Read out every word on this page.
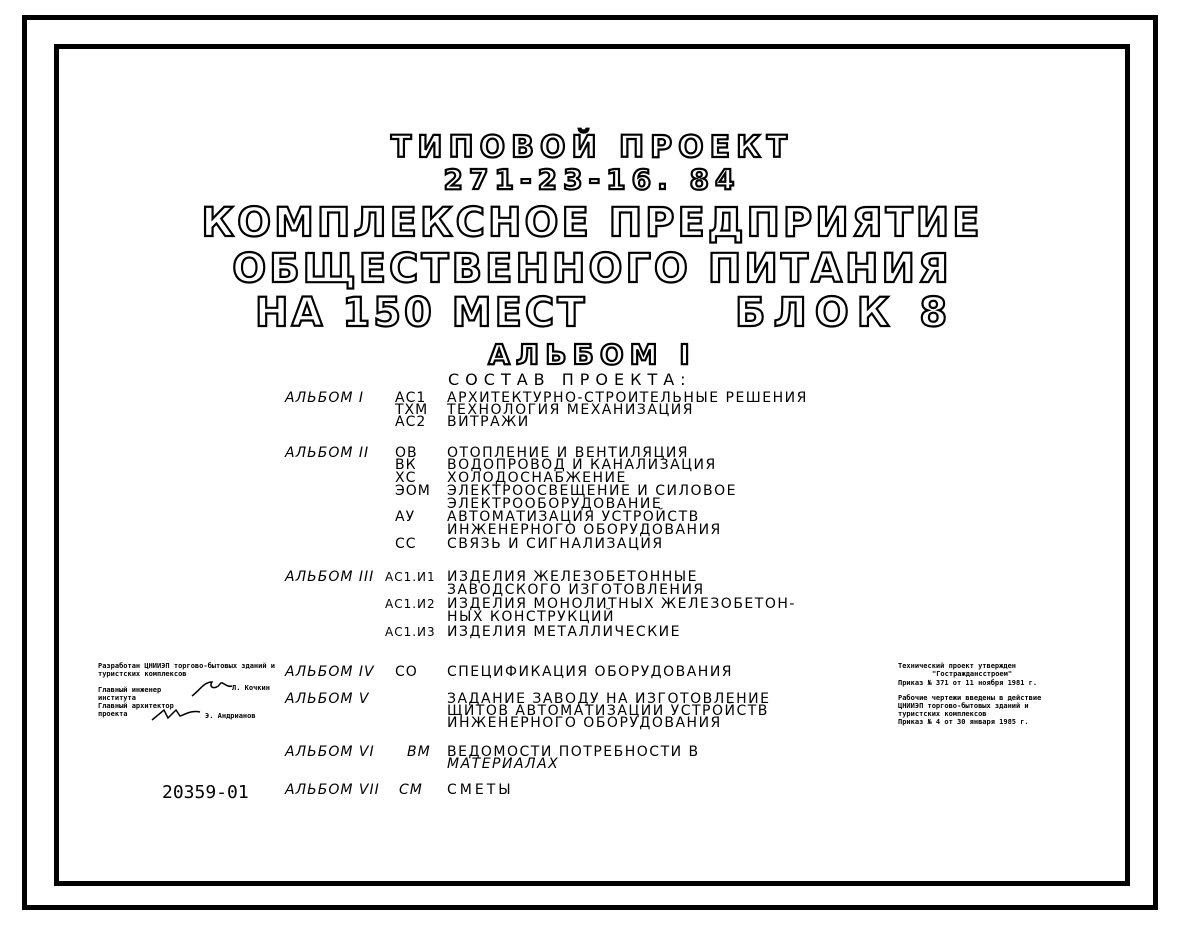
ТИПОВОЙ ПРОЕКТ
271-23-16. 84
КОМПЛЕКСНОЕ ПРЕДПРИЯТИЕ
ОБЩЕСТВЕННОГО ПИТАНИЯ
НА 150 МЕСТ	БЛОК 8
АЛЬБОМ I
СОСТАВ ПРОЕКТА:
АЛЬБОМ I АС1 АРХИТЕКТУРНО-СТРОИТЕЛЬНЫЕ РЕШЕНИЯ
ТХМ ТЕХНОЛОГИЯ МЕХАНИЗАЦИЯ
АС2 ВИТРАЖИ
АЛЬБОМ II ОВ ОТОПЛЕНИЕ И ВЕНТИЛЯЦИЯ
ВК ВОДОПРОВОД И КАНАЛИЗАЦИЯ
ХС ХОЛОДОСНАБЖЕНИЕ
ЭОМ ЭЛЕКТРООСВЕЩЕНИЕ И СИЛОВОЕ
ЭЛЕКТРООБОРУДОВАНИЕ
АУ АВТОМАТИЗАЦИЯ УСТРОЙСТВ
ИНЖЕНЕРНОГО ОБОРУДОВАНИЯ
СС СВЯЗЬ И СИГНАЛИЗАЦИЯ
АЛЬБОМ III АС1.И1 ИЗДЕЛИЯ ЖЕЛЕЗОБЕТОННЫЕ
ЗАВОДСКОГО ИЗГОТОВЛЕНИЯ
АС1.И2 ИЗДЕЛИЯ МОНОЛИТНЫХ ЖЕЛЕЗОБЕТОН-
НЫХ КОНСТРУКЦИЙ
АС1.И3 ИЗДЕЛИЯ МЕТАЛЛИЧЕСКИЕ
АЛЬБОМ IV СО СПЕЦИФИКАЦИЯ ОБОРУДОВАНИЯ
АЛЬБОМ V	ЗАДАНИЕ ЗАВОДУ НА ИЗГОТОВЛЕНИЕ
ЩИТОВ АВТОМАТИЗАЦИИ УСТРОЙСТВ
ИНЖЕНЕРНОГО ОБОРУДОВАНИЯ
АЛЬБОМ VI ВМ ВЕДОМОСТИ ПОТРЕБНОСТИ В
МАТЕРИАЛАХ
АЛЬБОМ VII СМ СМЕТЫ
Разработан ЦНИИЭП торгово-бытовых зданий и туристских комплексов
Главный инженер	Л. Кочкин
института
Главный архитектор проекта	Э. Андрианов
20359-01
Технический проект утвержден
"Гостраждансстроем"
Приказ № 371 от 11 ноября 1981 г.
Рабочие чертежи введены в действие
ЦНИИЭП торгово-бытовых зданий и
туристских комплексов
Приказ № 4 от 30 января 1985 г.
